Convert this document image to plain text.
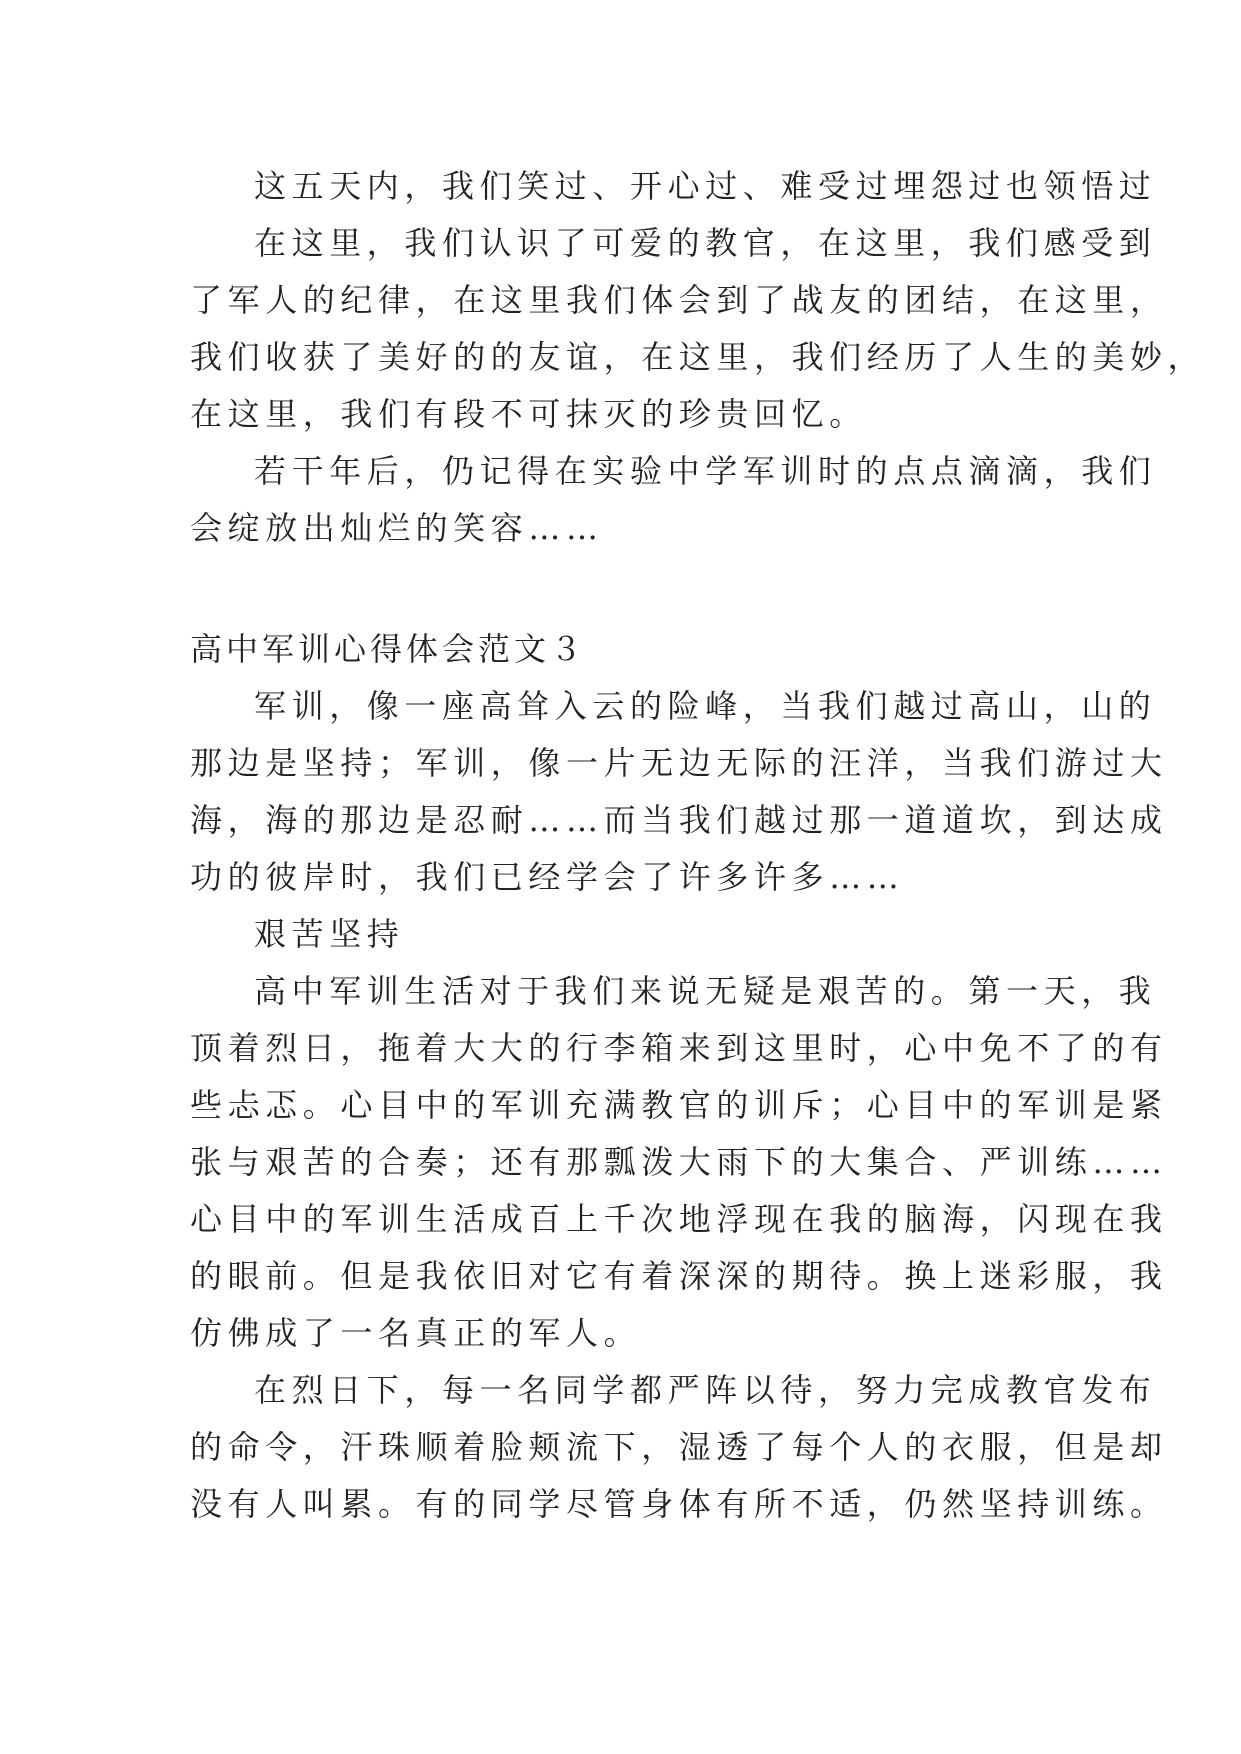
这五天内，我们笑过、开心过、难受过埋怨过也领悟过
在这里，我们认识了可爱的教官，在这里，我们感受到
了军人的纪律，在这里我们体会到了战友的团结，在这里，
我们收获了美好的的友谊，在这里，我们经历了人生的美妙，
在这里，我们有段不可抹灭的珍贵回忆。
若干年后，仍记得在实验中学军训时的点点滴滴，我们
会绽放出灿烂的笑容……
高中军训心得体会范文３
军训，像一座高耸入云的险峰，当我们越过高山，山的
那边是坚持；军训，像一片无边无际的汪洋，当我们游过大
海，海的那边是忍耐……而当我们越过那一道道坎，到达成
功的彼岸时，我们已经学会了许多许多……
艰苦坚持
高中军训生活对于我们来说无疑是艰苦的。第一天，我
顶着烈日，拖着大大的行李箱来到这里时，心中免不了的有
些忐忑。心目中的军训充满教官的训斥；心目中的军训是紧
张与艰苦的合奏；还有那瓢泼大雨下的大集合、严训练……
心目中的军训生活成百上千次地浮现在我的脑海，闪现在我
的眼前。但是我依旧对它有着深深的期待。换上迷彩服，我
仿佛成了一名真正的军人。
在烈日下，每一名同学都严阵以待，努力完成教官发布
的命令，汗珠顺着脸颊流下，湿透了每个人的衣服，但是却
没有人叫累。有的同学尽管身体有所不适，仍然坚持训练。
